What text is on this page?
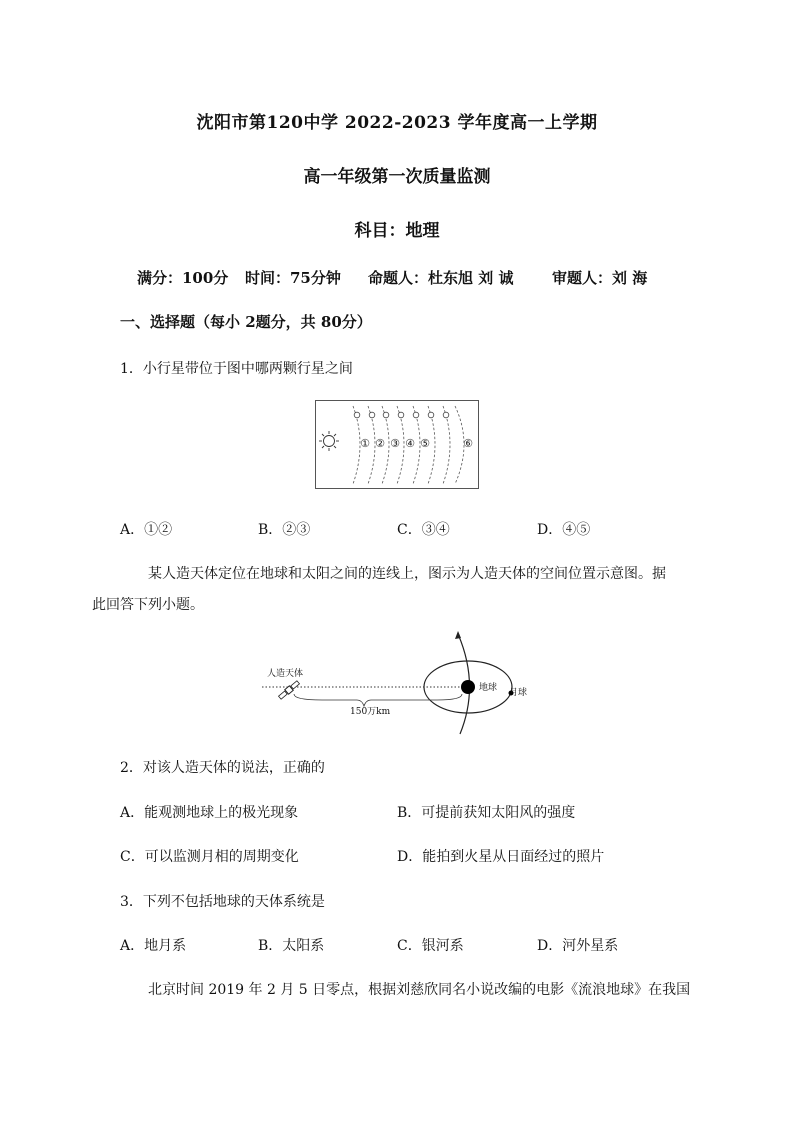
沈阳市第120中学 2022-2023 学年度高一上学期
高一年级第一次质量监测
科目：地理
满分：100分 时间：75分钟 命题人：杜东旭 刘 诚	审题人：刘 海
一、选择题（每小 2题分，共 80分）
1．小行星带位于图中哪两颗行星之间
① ② ③ ④ ⑤	⑥
A．①②	B．②③	C．③④	D．④⑤
某人造天体定位在地球和太阳之间的连线上，图示为人造天体的空间位置示意图。据
此回答下列小题。
人造天体
地球 月球
150万km
2．对该人造天体的说法，正确的
A．能观测地球上的极光现象	B．可提前获知太阳风的强度
C．可以监测月相的周期变化	D．能拍到火星从日面经过的照片
3．下列不包括地球的天体系统是
A．地月系	B．太阳系	C．银河系	D．河外星系
北京时间 2019 年 2 月 5 日零点，根据刘慈欣同名小说改编的电影《流浪地球》在我国
